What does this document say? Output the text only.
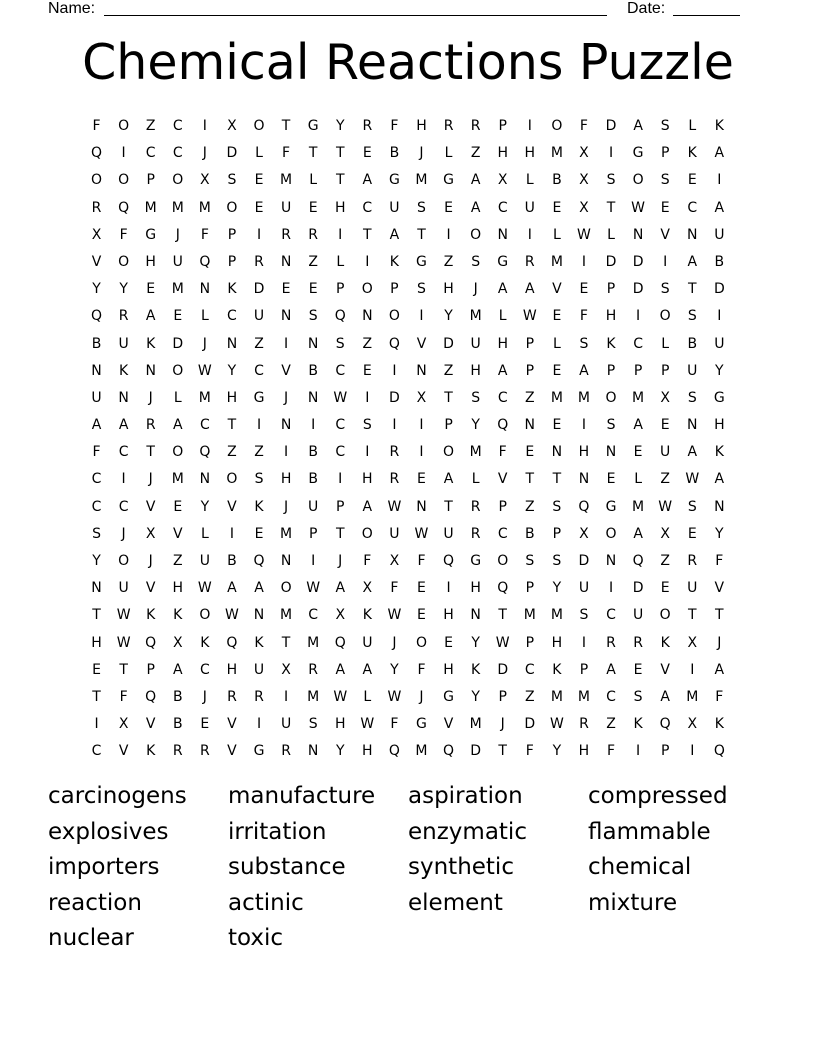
Name:	Date:
Chemical Reactions Puzzle
F	O	Z	C	I	X	O	T	G	Y	R	F	H	R	R	P	I	O	F	D	A	S	L	K
Q	I	C	C	J	D	L	F	T	T	E	B	J	L	Z	H	H	M	X	I	G	P	K	A
O	O	P	O	X	S	E	M	L	T	A	G	M	G	A	X	L	B	X	S	O	S	E	I
R	Q	M	M	M	O	E	U	E	H	C	U	S	E	A	C	U	E	X	T	W	E	C	A
X	F	G	J	F	P	I	R	R	I	T	A	T	I	O	N	I	L	W	L	N	V	N	U
V	O	H	U	Q	P	R	N	Z	L	I	K	G	Z	S	G	R	M	I	D	D	I	A	B
Y	Y	E	M	N	K	D	E	E	P	O	P	S	H	J	A	A	V	E	P	D	S	T	D
Q	R	A	E	L	C	U	N	S	Q	N	O	I	Y	M	L	W	E	F	H	I	O	S	I
B	U	K	D	J	N	Z	I	N	S	Z	Q	V	D	U	H	P	L	S	K	C	L	B	U
N	K	N	O	W	Y	C	V	B	C	E	I	N	Z	H	A	P	E	A	P	P	P	U	Y
U	N	J	L	M	H	G	J	N	W	I	D	X	T	S	C	Z	M	M	O	M	X	S	G
A	A	R	A	C	T	I	N	I	C	S	I	I	P	Y	Q	N	E	I	S	A	E	N	H
F	C	T	O	Q	Z	Z	I	B	C	I	R	I	O	M	F	E	N	H	N	E	U	A	K
C	I	J	M	N	O	S	H	B	I	H	R	E	A	L	V	T	T	N	E	L	Z	W	A
C	C	V	E	Y	V	K	J	U	P	A	W	N	T	R	P	Z	S	Q	G	M	W	S	N
S	J	X	V	L	I	E	M	P	T	O	U	W	U	R	C	B	P	X	O	A	X	E	Y
Y	O	J	Z	U	B	Q	N	I	J	F	X	F	Q	G	O	S	S	D	N	Q	Z	R	F
N	U	V	H	W	A	A	O	W	A	X	F	E	I	H	Q	P	Y	U	I	D	E	U	V
T	W	K	K	O	W	N	M	C	X	K	W	E	H	N	T	M	M	S	C	U	O	T	T
H	W	Q	X	K	Q	K	T	M	Q	U	J	O	E	Y	W	P	H	I	R	R	K	X	J
E	T	P	A	C	H	U	X	R	A	A	Y	F	H	K	D	C	K	P	A	E	V	I	A
T	F	Q	B	J	R	R	I	M	W	L	W	J	G	Y	P	Z	M	M	C	S	A	M	F
I	X	V	B	E	V	I	U	S	H	W	F	G	V	M	J	D	W	R	Z	K	Q	X	K
C	V	K	R	R	V	G	R	N	Y	H	Q	M	Q	D	T	F	Y	H	F	I	P	I	Q
carcinogens	manufacture	aspiration	compressed
explosives	irritation	enzymatic	flammable
importers	substance	synthetic	chemical
reaction	actinic	element	mixture
nuclear	toxic
